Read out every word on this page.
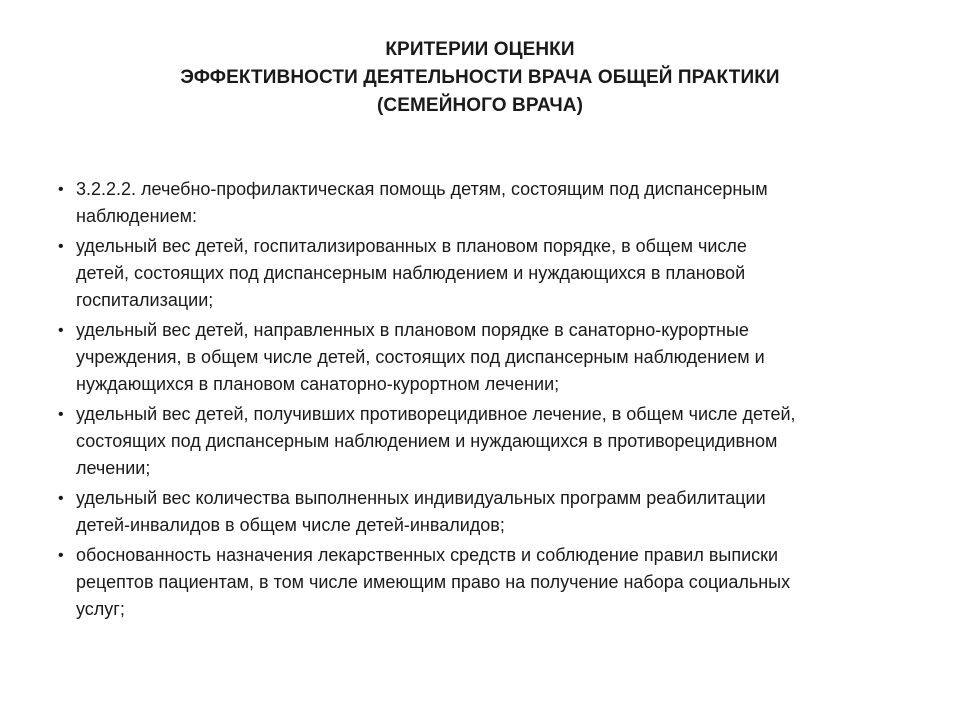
КРИТЕРИИ ОЦЕНКИ
ЭФФЕКТИВНОСТИ ДЕЯТЕЛЬНОСТИ ВРАЧА ОБЩЕЙ ПРАКТИКИ
(СЕМЕЙНОГО ВРАЧА)
• 3.2.2.2. лечебно-профилактическая помощь детям, состоящим под диспансерным
наблюдением:
• удельный вес детей, госпитализированных в плановом порядке, в общем числе
детей, состоящих под диспансерным наблюдением и нуждающихся в плановой
госпитализации;
• удельный вес детей, направленных в плановом порядке в санаторно-курортные
учреждения, в общем числе детей, состоящих под диспансерным наблюдением и
нуждающихся в плановом санаторно-курортном лечении;
• удельный вес детей, получивших противорецидивное лечение, в общем числе детей,
состоящих под диспансерным наблюдением и нуждающихся в противорецидивном
лечении;
• удельный вес количества выполненных индивидуальных программ реабилитации
детей-инвалидов в общем числе детей-инвалидов;
• обоснованность назначения лекарственных средств и соблюдение правил выписки
рецептов пациентам, в том числе имеющим право на получение набора социальных
услуг;
